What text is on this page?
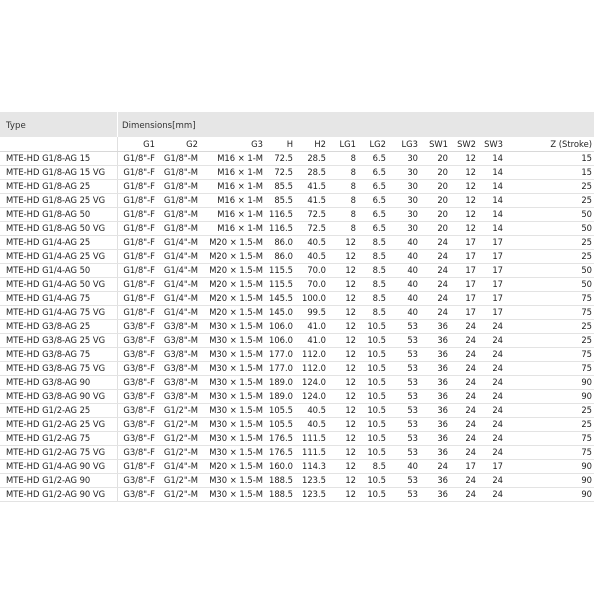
Type	Dimensions[mm]
	G1	G2	G3	H	H2	LG1	LG2	LG3	SW1	SW2	SW3	Z (Stroke)
MTE-HD G1/8-AG 15	G1/8"-F	G1/8"-M	M16 × 1-M	72.5	28.5	8	6.5	30	20	12	14	15
MTE-HD G1/8-AG 15 VG	G1/8"-F	G1/8"-M	M16 × 1-M	72.5	28.5	8	6.5	30	20	12	14	15
MTE-HD G1/8-AG 25	G1/8"-F	G1/8"-M	M16 × 1-M	85.5	41.5	8	6.5	30	20	12	14	25
MTE-HD G1/8-AG 25 VG	G1/8"-F	G1/8"-M	M16 × 1-M	85.5	41.5	8	6.5	30	20	12	14	25
MTE-HD G1/8-AG 50	G1/8"-F	G1/8"-M	M16 × 1-M	116.5	72.5	8	6.5	30	20	12	14	50
MTE-HD G1/8-AG 50 VG	G1/8"-F	G1/8"-M	M16 × 1-M	116.5	72.5	8	6.5	30	20	12	14	50
MTE-HD G1/4-AG 25	G1/8"-F	G1/4"-M	M20 × 1.5-M	86.0	40.5	12	8.5	40	24	17	17	25
MTE-HD G1/4-AG 25 VG	G1/8"-F	G1/4"-M	M20 × 1.5-M	86.0	40.5	12	8.5	40	24	17	17	25
MTE-HD G1/4-AG 50	G1/8"-F	G1/4"-M	M20 × 1.5-M	115.5	70.0	12	8.5	40	24	17	17	50
MTE-HD G1/4-AG 50 VG	G1/8"-F	G1/4"-M	M20 × 1.5-M	115.5	70.0	12	8.5	40	24	17	17	50
MTE-HD G1/4-AG 75	G1/8"-F	G1/4"-M	M20 × 1.5-M	145.5	100.0	12	8.5	40	24	17	17	75
MTE-HD G1/4-AG 75 VG	G1/8"-F	G1/4"-M	M20 × 1.5-M	145.0	99.5	12	8.5	40	24	17	17	75
MTE-HD G3/8-AG 25	G3/8"-F	G3/8"-M	M30 × 1.5-M	106.0	41.0	12	10.5	53	36	24	24	25
MTE-HD G3/8-AG 25 VG	G3/8"-F	G3/8"-M	M30 × 1.5-M	106.0	41.0	12	10.5	53	36	24	24	25
MTE-HD G3/8-AG 75	G3/8"-F	G3/8"-M	M30 × 1.5-M	177.0	112.0	12	10.5	53	36	24	24	75
MTE-HD G3/8-AG 75 VG	G3/8"-F	G3/8"-M	M30 × 1.5-M	177.0	112.0	12	10.5	53	36	24	24	75
MTE-HD G3/8-AG 90	G3/8"-F	G3/8"-M	M30 × 1.5-M	189.0	124.0	12	10.5	53	36	24	24	90
MTE-HD G3/8-AG 90 VG	G3/8"-F	G3/8"-M	M30 × 1.5-M	189.0	124.0	12	10.5	53	36	24	24	90
MTE-HD G1/2-AG 25	G3/8"-F	G1/2"-M	M30 × 1.5-M	105.5	40.5	12	10.5	53	36	24	24	25
MTE-HD G1/2-AG 25 VG	G3/8"-F	G1/2"-M	M30 × 1.5-M	105.5	40.5	12	10.5	53	36	24	24	25
MTE-HD G1/2-AG 75	G3/8"-F	G1/2"-M	M30 × 1.5-M	176.5	111.5	12	10.5	53	36	24	24	75
MTE-HD G1/2-AG 75 VG	G3/8"-F	G1/2"-M	M30 × 1.5-M	176.5	111.5	12	10.5	53	36	24	24	75
MTE-HD G1/4-AG 90 VG	G1/8"-F	G1/4"-M	M20 × 1.5-M	160.0	114.3	12	8.5	40	24	17	17	90
MTE-HD G1/2-AG 90	G3/8"-F	G1/2"-M	M30 × 1.5-M	188.5	123.5	12	10.5	53	36	24	24	90
MTE-HD G1/2-AG 90 VG	G3/8"-F	G1/2"-M	M30 × 1.5-M	188.5	123.5	12	10.5	53	36	24	24	90
